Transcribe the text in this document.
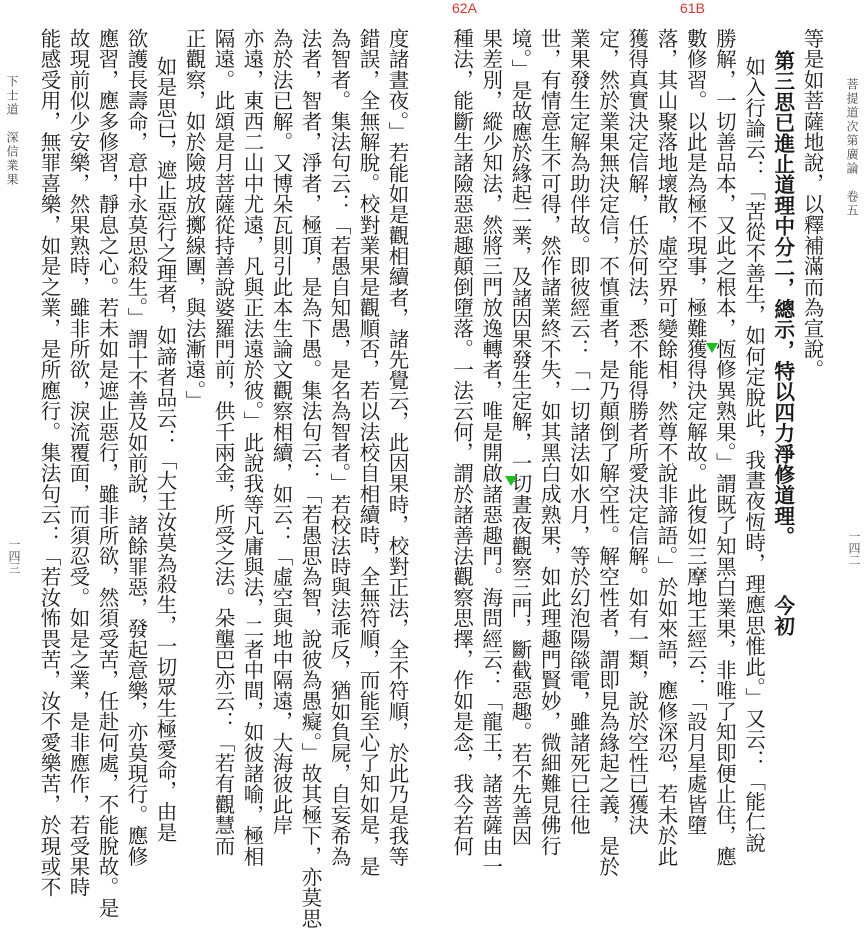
下士道　深信業果
一四三	度諸晝夜。」若能如是觀相續者，諸先覺云，此因果時，校對正法，全不符順，於此乃是我等
錯誤，全無解脫。校對業果是觀順否，若以法校自相續時，全無符順，而能至心了知如是，是
為智者。集法句云：「若愚自知愚，是名為智者。」若校法時與法乖反，猶如負屍，自妄希為
法者，智者，淨者，極頂，是為下愚。集法句云：「若愚思為智，說彼為愚癡。」故其極下，亦莫思
為於法已解。又博朵瓦則引此本生論文觀察相續，如云：「虛空與地中隔遠，大海彼此岸
亦遠，東西二山中尤遠，凡與正法遠於彼。」此說我等凡庸與法，二者中間，如彼諸喻，極相
隔遠。此頌是月菩薩從持善說婆羅門前，供千兩金，所受之法。朵壟巴亦云：「若有觀慧而
正觀察，如於險坡放擲線團，與法漸遠。」
如是思已，遮止惡行之理者，如諦者品云：「大王汝莫為殺生，一切眾生極愛命，由是
欲護長壽命，意中永莫思殺生。」謂十不善及如前說，諸餘罪惡，發起意樂，亦莫現行。應修
應習，應多修習，靜息之心。若未如是遮止惡行，雖非所欲，然須受苦，任赴何處，不能脫故。是
故現前似少安樂，然果熟時，雖非所欲，淚流覆面，而須忍受。如是之業，是非應作，若受果時
能感受用，無罪喜樂，如是之業，是所應行。集法句云：「若汝怖畏苦，汝不愛樂苦，於現或不	菩提道次第廣論　卷五
一四二
等是如菩薩地說，以釋補滿而為宣說。
第三思已進止道理中分二，總示，特以四力淨修道理。今初
如入行論云：「苦從不善生，如何定脫此，我晝夜恆時，理應思惟此。」又云：「能仁說
勝解，一切善品本，又此之根本，恆修異熟果。」謂既了知黑白業果，非唯了知即便止住，應
數修習。以此是為極不現事，極難獲得決定解故。此復如三摩地王經云：「設月星處皆墮
落，其山聚落地壞散，虛空界可變餘相，然尊不說非諦語。」於如來語，應修深忍，若未於此
獲得真實決定信解，任於何法，悉不能得勝者所愛決定信解。如有一類，說於空性已獲決
定，然於業果無決定信，不慎重者，是乃顛倒了解空性。解空性者，謂即見為緣起之義，是於
業果發生定解為助伴故。即彼經云：「一切諸法如水月，等於幻泡陽燄電，雖諸死已往他
世，有情意生不可得，然作諸業終不失，如其黑白成熟果，如此理趣門賢妙，微細難見佛行
境。」是故應於緣起二業，及諸因果發生定解，一切晝夜觀察三門，斷截惡趣。若不先善因
果差別，縱少知法，然將三門放逸轉者，唯是開啟諸惡趣門。海問經云：「龍王，諸菩薩由一
種法，能斷生諸險惡惡趣顛倒墮落。一法云何，謂於諸善法觀察思擇，作如是念，我今若何
62A	61B
